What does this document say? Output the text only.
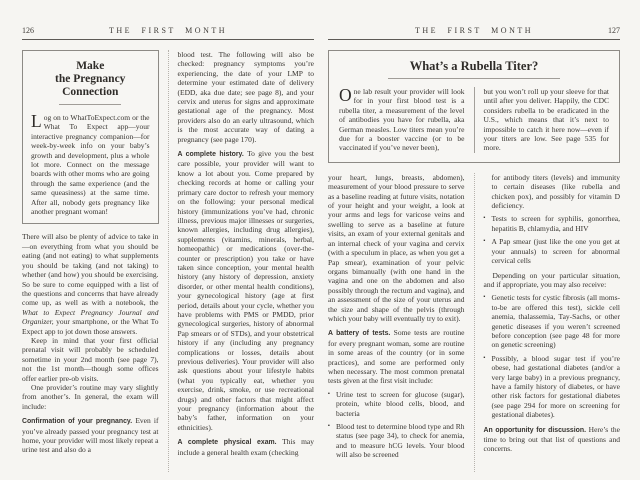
126	THE FIRST MONTH
Make
the Pregnancy
Connection

Log on to WhatToExpect.com or the What To Expect app—your interactive pregnancy companion—for week-by-week info on your baby’s growth and development, plus a whole lot more. Connect on the message boards with other moms who are going through the same experience (and the same queasiness) at the same time. After all, nobody gets pregnancy like another pregnant woman!

There will also be plenty of advice to take in—on everything from what you should be eating (and not eating) to what supplements you should be taking (and not taking) to whether (and how) you should be exercising. So be sure to come equipped with a list of the questions and concerns that have already come up, as well as with a notebook, the What to Expect Pregnancy Journal and Organizer, your smartphone, or the What To Expect app to jot down those answers.

Keep in mind that your first official prenatal visit will probably be scheduled sometime in your 2nd month (see page 7), not the 1st month—though some offices offer earlier pre-ob visits.

One provider’s routine may vary slightly from another’s. In general, the exam will include:

Confirmation of your pregnancy. Even if you’ve already passed your pregnancy test at home, your provider will most likely repeat a urine test and also do a

blood test. The following will also be checked: pregnancy symptoms you’re experiencing, the date of your LMP to determine your estimated date of delivery (EDD, aka due date; see page 8), and your cervix and uterus for signs and approximate gestational age of the pregnancy. Most providers also do an early ultrasound, which is the most accurate way of dating a pregnancy (see page 170).

A complete history. To give you the best care possible, your provider will want to know a lot about you. Come prepared by checking records at home or calling your primary care doctor to refresh your memory on the following: your personal medical history (immunizations you’ve had, chronic illness, previous major illnesses or surgeries, known allergies, including drug allergies), supplements (vitamins, minerals, herbal, homeopathic) or medications (over-the-counter or prescription) you take or have taken since conception, your mental health history (any history of depression, anxiety disorder, or other mental health conditions), your gynecological history (age at first period, details about your cycle, whether you have problems with PMS or PMDD, prior gynecological surgeries, history of abnormal Pap smears or of STDs), and your obstetrical history if any (including any pregnancy complications or losses, details about previous deliveries). Your provider will also ask questions about your lifestyle habits (what you typically eat, whether you exercise, drink, smoke, or use recreational drugs) and other factors that might affect your pregnancy (information about the baby’s father, information on your ethnicities).

A complete physical exam. This may include a general health exam (checking

THE FIRST MONTH	127
What’s a Rubella Titer?

One lab result your provider will look for in your first blood test is a rubella titer, a measurement of the level of antibodies you have for rubella, aka German measles. Low titers mean you’re due for a booster vaccine (or to be vaccinated if you’ve never been),

but you won’t roll up your sleeve for that until after you deliver. Happily, the CDC considers rubella to be eradicated in the U.S., which means that it’s next to impossible to catch it here now—even if your titers are low. See page 535 for more.

your heart, lungs, breasts, abdomen), measurement of your blood pressure to serve as a baseline reading at future visits, notation of your height and your weight, a look at your arms and legs for varicose veins and swelling to serve as a baseline at future visits, an exam of your external genitals and an internal check of your vagina and cervix (with a speculum in place, as when you get a Pap smear), examination of your pelvic organs bimanually (with one hand in the vagina and one on the abdomen and also possibly through the rectum and vagina), and an assessment of the size of your uterus and the size and shape of the pelvis (through which your baby will eventually try to exit).

A battery of tests. Some tests are routine for every pregnant woman, some are routine in some areas of the country (or in some practices), and some are performed only when necessary. The most common prenatal tests given at the first visit include:

▪ Urine test to screen for glucose (sugar), protein, white blood cells, blood, and bacteria
▪ Blood test to determine blood type and Rh status (see page 34), to check for anemia, and to measure hCG levels. Your blood will also be screened

for antibody titers (levels) and immunity to certain diseases (like rubella and chicken pox), and possibly for vitamin D deficiency.

▪ Tests to screen for syphilis, gonorrhea, hepatitis B, chlamydia, and HIV
▪ A Pap smear (just like the one you get at your annuals) to screen for abnormal cervical cells

Depending on your particular situation, and if appropriate, you may also receive:

▪ Genetic tests for cystic fibrosis (all moms-to-be are offered this test), sickle cell anemia, thalassemia, Tay-Sachs, or other genetic diseases if you weren’t screened before conception (see page 48 for more on genetic screening)
▪ Possibly, a blood sugar test if you’re obese, had gestational diabetes (and/or a very large baby) in a previous pregnancy, have a family history of diabetes, or have other risk factors for gestational diabetes (see page 294 for more on screening for gestational diabetes).

An opportunity for discussion. Here’s the time to bring out that list of questions and concerns.
